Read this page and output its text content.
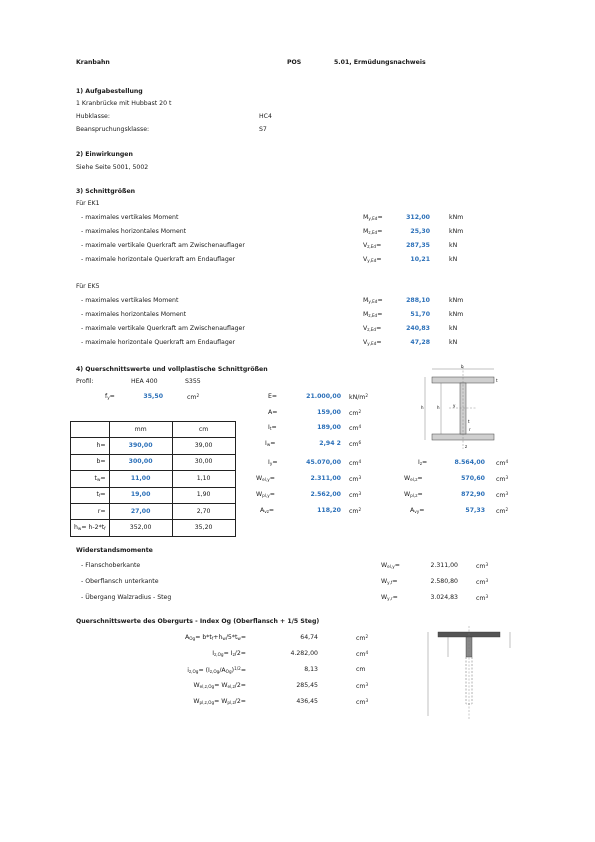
Kranbahn	POS	5.01, Ermüdungsnachweis
1) Aufgabestellung
1 Kranbrücke mit Hubbast 20 t
Hubklasse:	HC4
Beanspruchungsklasse:	S7
2) Einwirkungen
Siehe Seite 5001, 5002
3) Schnittgrößen
Für EK1
- maximales vertikales Moment	$M_{y,Ed}=$	312,00	kNm
- maximales horizontales Moment	$M_{z,Ed}=$	25,30	kNm
- maximale vertikale Querkraft am Zwischenauflager	$V_{z,Ed}=$	287,35	kN
- maximale horizontale Querkraft am Endauflager	$V_{y,Ed}=$	10,21	kN
Für EK5
- maximales vertikales Moment	$M_{y,Ed}=$	288,10	kNm
- maximales horizontales Moment	$M_{z,Ed}=$	51,70	kNm
- maximale vertikale Querkraft am Zwischenauflager	$V_{z,Ed}=$	240,83	kN
- maximale horizontale Querkraft am Endauflager	$V_{y,Ed}=$	47,28	kN
4) Querschnittswerte und vollplastische Schnittgrößen
Profil:	HEA 400	S355
$f_y=$	35,50	$cm^2$	E=	21.000,00 $kN/m^2$
A=	159,00 $cm^2$
$I_t=$	189,00 $cm^4$
$I_w=$	2,94 2 $cm^6$
$I_y=$	45.070,00 $cm^4$	$I_z=$	8.564,00 $cm^4$
$W_{el,y}=$	2.311,00 $cm^3$	$W_{el,z}=$	570,60 $cm^3$
$W_{pl,y}=$	2.562,00 $cm^3$	$W_{pl,z}=$	872,90 $cm^3$
$A_{vz}=$	118,20 $cm^2$	$A_{vy}=$	57,33 $cm^2$
	mm	cm
h=	390,00	39,00
b=	300,00	30,00
$t_w=$	11,00	1,10
$t_f=$	19,00	1,90
r=	27,00	2,70
$h_w= h-2*t_f$	352,00	35,20
b
h	h	y
z
t
t
r
Widerstandsmomente
- Flanschoberkante	$W_{el,y}=$	2.311,00	$cm^3$
- Oberflansch unterkante	$W_{y,f}=$	2.580,80	$cm^3$
- Übergang Walzradius - Steg	$W_{y,r}=$	3.024,83	$cm^3$
Querschnittswerte des Obergurts - Index Og (Oberflansch + 1/5 Steg)
$A_{Og}= b*t_f+h_w/5*t_w=$	64,74	$cm^2$
$I_{z,Og}= I_z/2=$	4.282,00	$cm^4$
$i_{z,Og}= (I_{z,Og}/A_{Og})^{1/2}=$	8,13	cm
$W_{el,z,Og}= W_{el,z}/2=$	285,45	$cm^3$
$W_{pl,z,Og}= W_{pl,z}/2=$	436,45	$cm^3$
